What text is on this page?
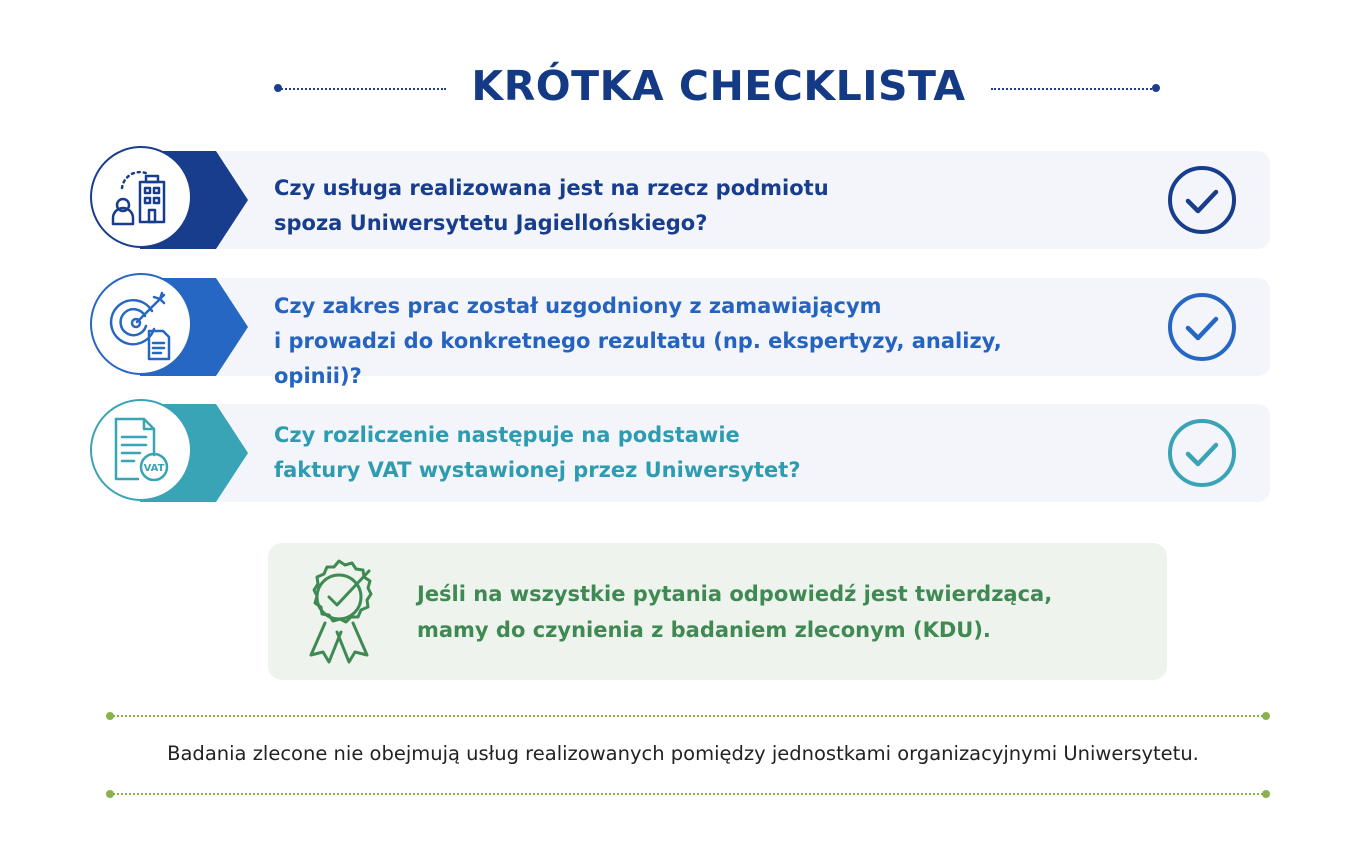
KRÓTKA CHECKLISTA
Czy usługa realizowana jest na rzecz podmiotu
spoza Uniwersytetu Jagiellońskiego?
Czy zakres prac został uzgodniony z zamawiającym
i prowadzi do konkretnego rezultatu (np. ekspertyzy, analizy,
opinii)?
VAT
Czy rozliczenie następuje na podstawie
faktury VAT wystawionej przez Uniwersytet?
Jeśli na wszystkie pytania odpowiedź jest twierdząca,
mamy do czynienia z badaniem zleconym (KDU).
Badania zlecone nie obejmują usług realizowanych pomiędzy jednostkami organizacyjnymi Uniwersytetu.
